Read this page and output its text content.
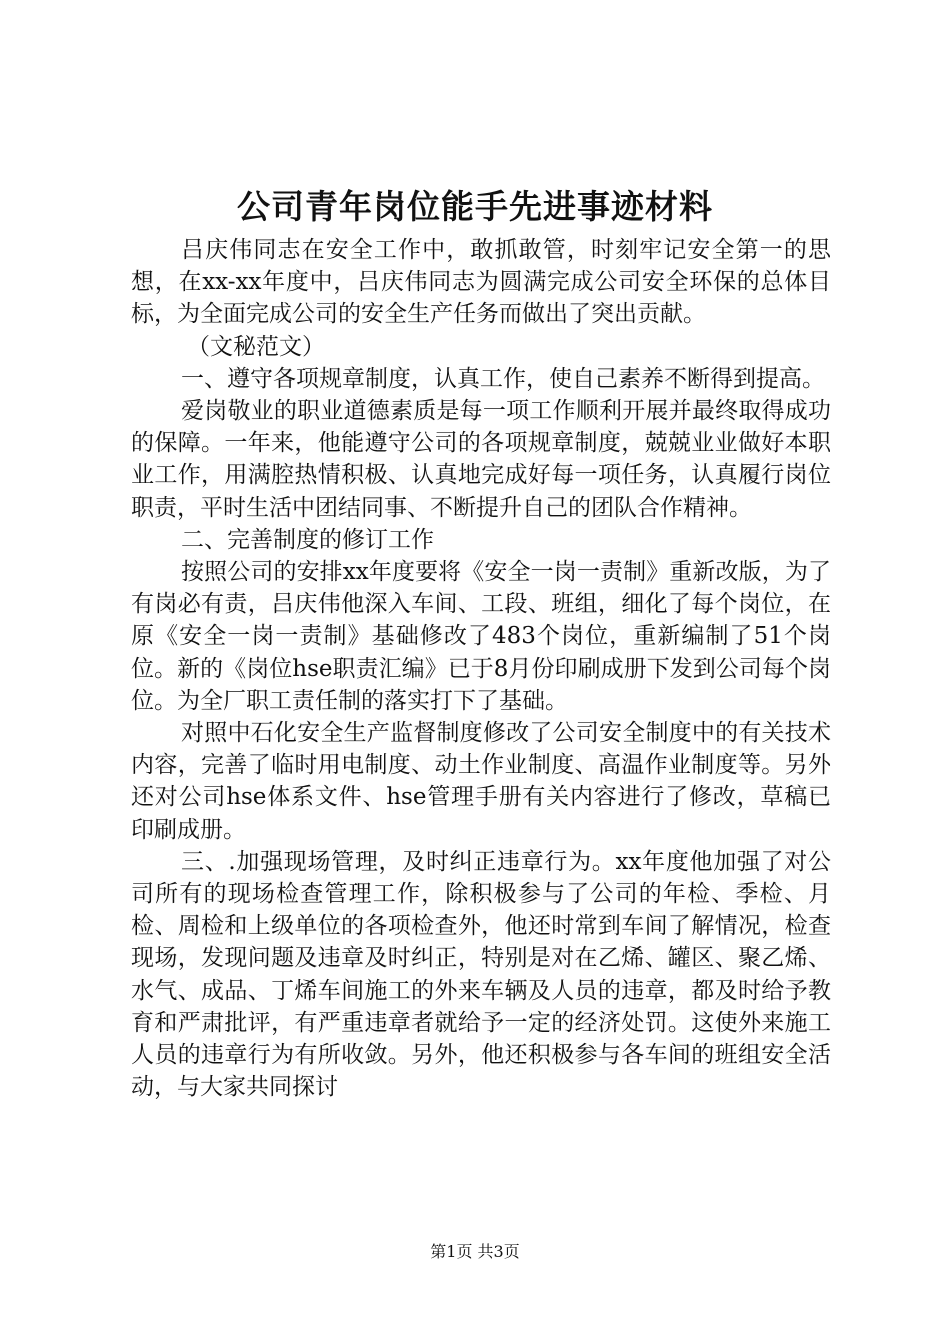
公司青年岗位能手先进事迹材料

吕庆伟同志在安全工作中，敢抓敢管，时刻牢记安全第一的思想，在xx-xx年度中，吕庆伟同志为圆满完成公司安全环保的总体目标，为全面完成公司的安全生产任务而做出了突出贡献。

（文秘范文）

一、遵守各项规章制度，认真工作，使自己素养不断得到提高。

爱岗敬业的职业道德素质是每一项工作顺利开展并最终取得成功的保障。一年来，他能遵守公司的各项规章制度，兢兢业业做好本职业工作，用满腔热情积极、认真地完成好每一项任务，认真履行岗位职责，平时生活中团结同事、不断提升自己的团队合作精神。

二、完善制度的修订工作

按照公司的安排xx年度要将《安全一岗一责制》重新改版，为了有岗必有责，吕庆伟他深入车间、工段、班组，细化了每个岗位，在原《安全一岗一责制》基础修改了483个岗位，重新编制了51个岗位。新的《岗位hse职责汇编》已于8月份印刷成册下发到公司每个岗位。为全厂职工责任制的落实打下了基础。

对照中石化安全生产监督制度修改了公司安全制度中的有关技术内容，完善了临时用电制度、动土作业制度、高温作业制度等。另外还对公司hse体系文件、hse管理手册有关内容进行了修改，草稿已印刷成册。

三、.加强现场管理，及时纠正违章行为。xx年度他加强了对公司所有的现场检查管理工作，除积极参与了公司的年检、季检、月检、周检和上级单位的各项检查外，他还时常到车间了解情况，检查现场，发现问题及违章及时纠正，特别是对在乙烯、罐区、聚乙烯、水气、成品、丁烯车间施工的外来车辆及人员的违章，都及时给予教育和严肃批评，有严重违章者就给予一定的经济处罚。这使外来施工人员的违章行为有所收敛。另外，他还积极参与各车间的班组安全活动，与大家共同探讨

第1页 共3页
